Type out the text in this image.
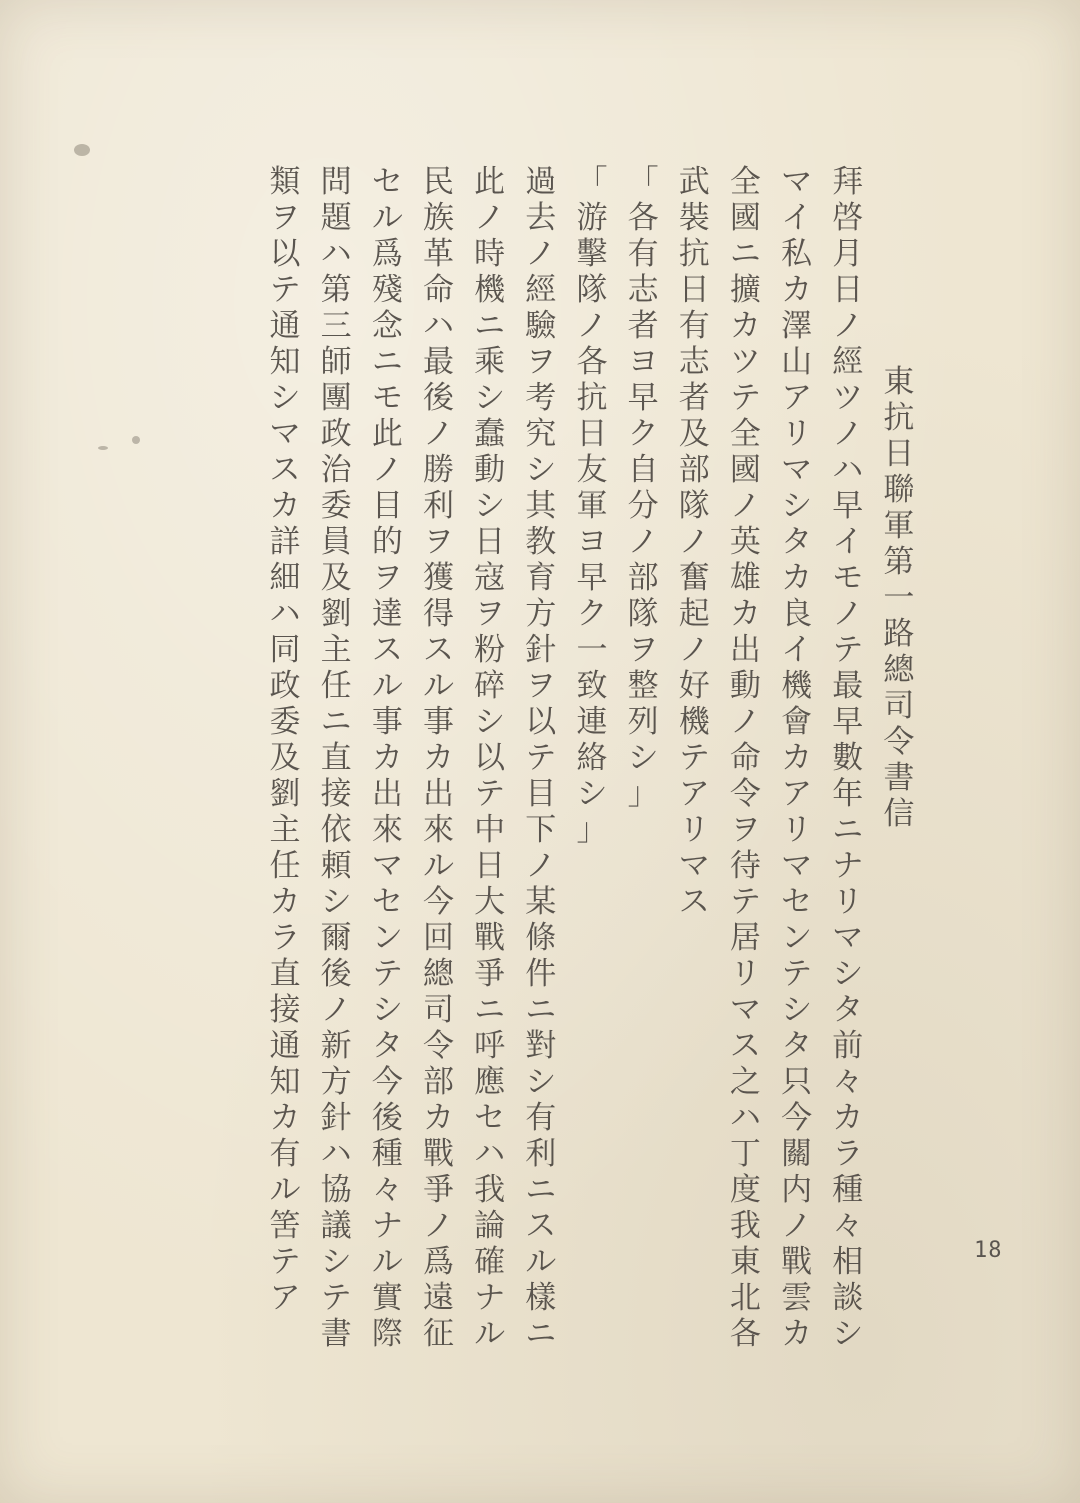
東
抗
日
聯
軍
第
一
路
總
司
令
書
信
拜
啓
月
日
ノ
經
ツ
ノ
ハ
早
イ
モ
ノ
テ
最
早
數
年
ニ
ナ
リ
マ
シ
タ
前
々
カ
ラ
種
々
相
談
シ
マ
イ
私
カ
澤
山
ア
リ
マ
シ
タ
カ
良
イ
機
會
カ
ア
リ
マ
セ
ン
テ
シ
タ
只
今
關
内
ノ
戰
雲
カ
全
國
ニ
擴
カ
ツ
テ
全
國
ノ
英
雄
カ
出
動
ノ
命
令
ヲ
待
テ
居
リ
マ
ス
之
ハ
丁
度
我
東
北
各
武
裝
抗
日
有
志
者
及
部
隊
ノ
奮
起
ノ
好
機
テ
ア
リ
マ
ス
「
各
有
志
者
ヨ
早
ク
自
分
ノ
部
隊
ヲ
整
列
シ
」
「
游
擊
隊
ノ
各
抗
日
友
軍
ヨ
早
ク
一
致
連
絡
シ
」
過
去
ノ
經
驗
ヲ
考
究
シ
其
教
育
方
針
ヲ
以
テ
目
下
ノ
某
條
件
ニ
對
シ
有
利
ニ
ス
ル
樣
ニ
此
ノ
時
機
ニ
乘
シ
蠢
動
シ
日
寇
ヲ
粉
碎
シ
以
テ
中
日
大
戰
爭
ニ
呼
應
セ
ハ
我
論
確
ナ
ル
民
族
革
命
ハ
最
後
ノ
勝
利
ヲ
獲
得
ス
ル
事
カ
出
來
ル
今
回
總
司
令
部
カ
戰
爭
ノ
爲
遠
征
セ
ル
爲
殘
念
ニ
モ
此
ノ
目
的
ヲ
達
ス
ル
事
カ
出
來
マ
セ
ン
テ
シ
タ
今
後
種
々
ナ
ル
實
際
問
題
ハ
第
三
師
團
政
治
委
員
及
劉
主
任
ニ
直
接
依
頼
シ
爾
後
ノ
新
方
針
ハ
協
議
シ
テ
書
類
ヲ
以
テ
通
知
シ
マ
ス
カ
詳
細
ハ
同
政
委
及
劉
主
任
カ
ラ
直
接
通
知
カ
有
ル
筈
テ
ア
18
